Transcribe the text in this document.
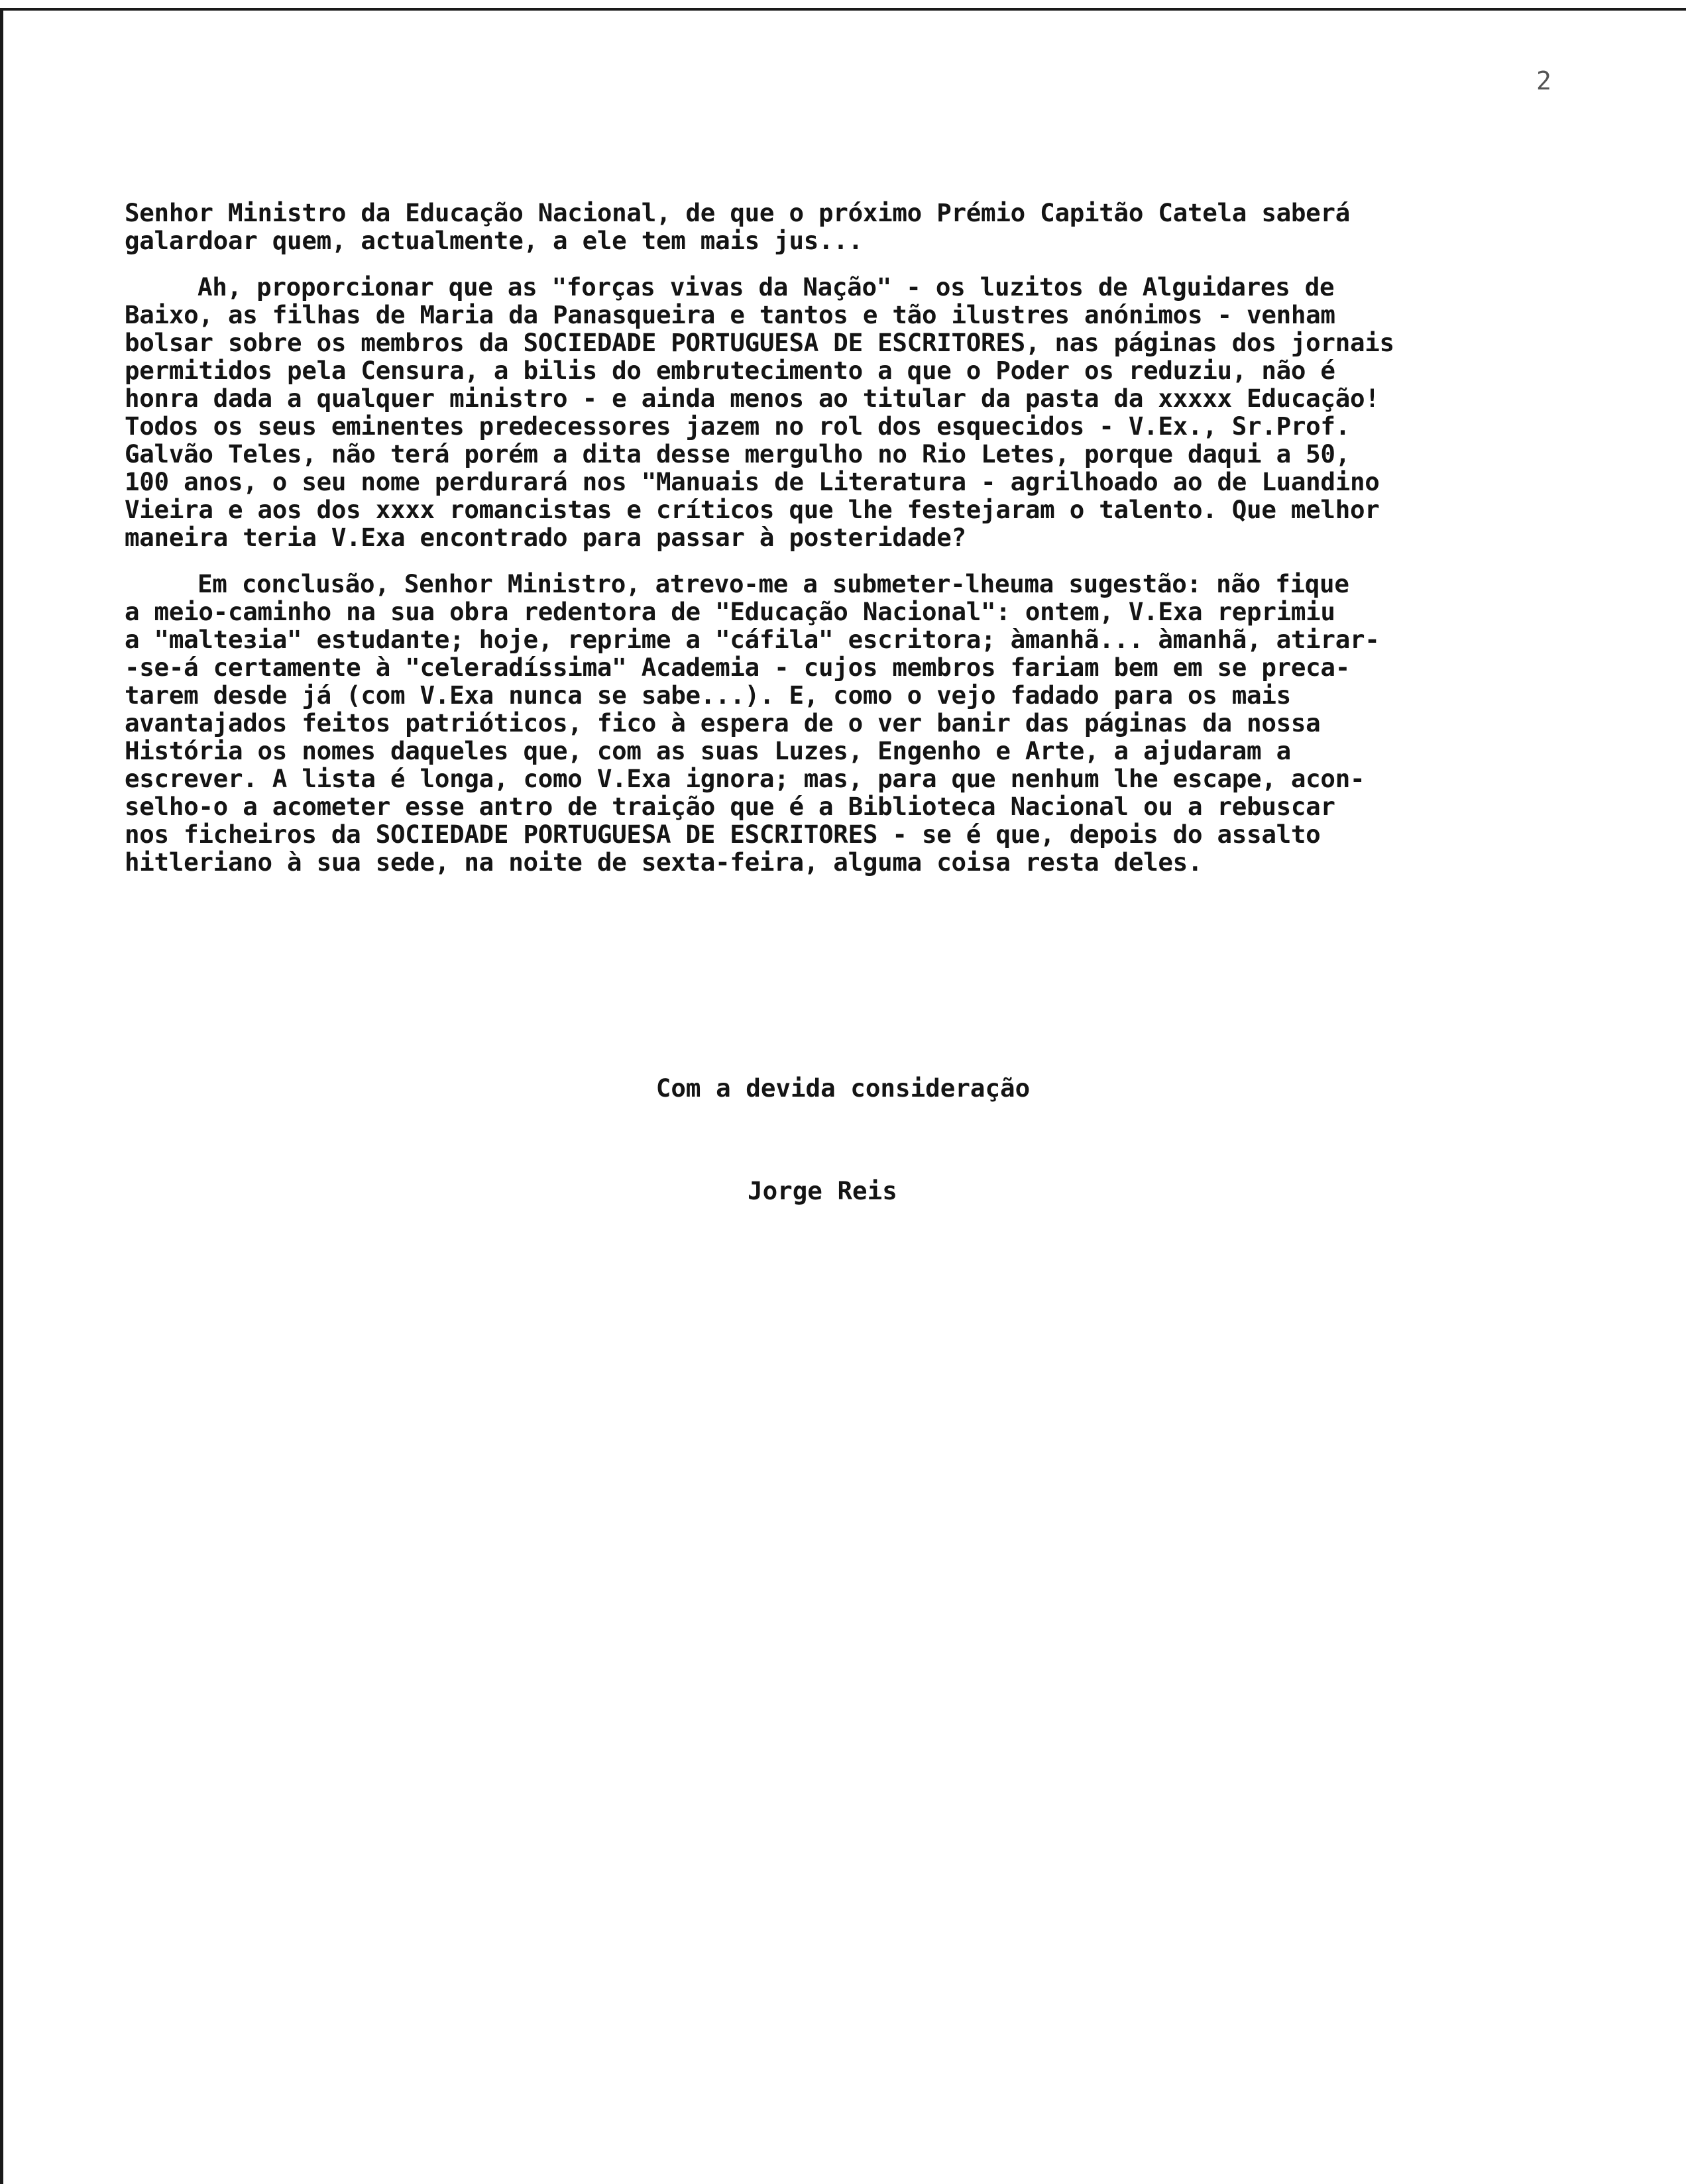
2
Senhor Ministro da Educação Nacional, de que o próximo Prémio Capitão Catela saberá
galardoar quem, actualmente, a ele tem mais jus...
Ah, proporcionar que as "forças vivas da Nação" - os luzitos de Alguidares de
Baixo, as filhas de Maria da Panasqueira e tantos e tão ilustres anónimos - venham
bolsar sobre os membros da SOCIEDADE PORTUGUESA DE ESCRITORES, nas páginas dos jornais
permitidos pela Censura, a bilis do embrutecimento a que o Poder os reduziu, não é
honra dada a qualquer ministro - e ainda menos ao titular da pasta da xxxxx Educação!
Todos os seus eminentes predecessores jazem no rol dos esquecidos - V.Ex., Sr.Prof.
Galvão Teles, não terá porém a dita desse mergulho no Rio Letes, porque daqui a 50,
100 anos, o seu nome perdurará nos "Manuais de Literatura - agrilhoado ao de Luandino
Vieira e aos dos xxxx romancistas e críticos que lhe festejaram o talento. Que melhor
maneira teria V.Exa encontrado para passar à posteridade?
Em conclusão, Senhor Ministro, atrevo-me a submeter-lheuma sugestão: não fique
a meio-caminho na sua obra redentora de "Educação Nacional": ontem, V.Exa reprimiu
a "malteзia" estudante; hoje, reprime a "cáfila" escritora; àmanhã... àmanhã, atirar-
-se-á certamente à "celeradíssima" Academia - cujos membros fariam bem em se preca-
tarem desde já (com V.Exa nunca se sabe...). E, como o vejo fadado para os mais
avantajados feitos patrióticos, fico à espera de o ver banir das páginas da nossa
História os nomes daqueles que, com as suas Luzes, Engenho e Arte, a ajudaram a
escrever. A lista é longa, como V.Exa ignora; mas, para que nenhum lhe escape, acon-
selho-o a acometer esse antro de traição que é a Biblioteca Nacional ou a rebuscar
nos ficheiros da SOCIEDADE PORTUGUESA DE ESCRITORES - se é que, depois do assalto
hitleriano à sua sede, na noite de sexta-feira, alguma coisa resta deles.
Com a devida consideração
Jorge Reis
